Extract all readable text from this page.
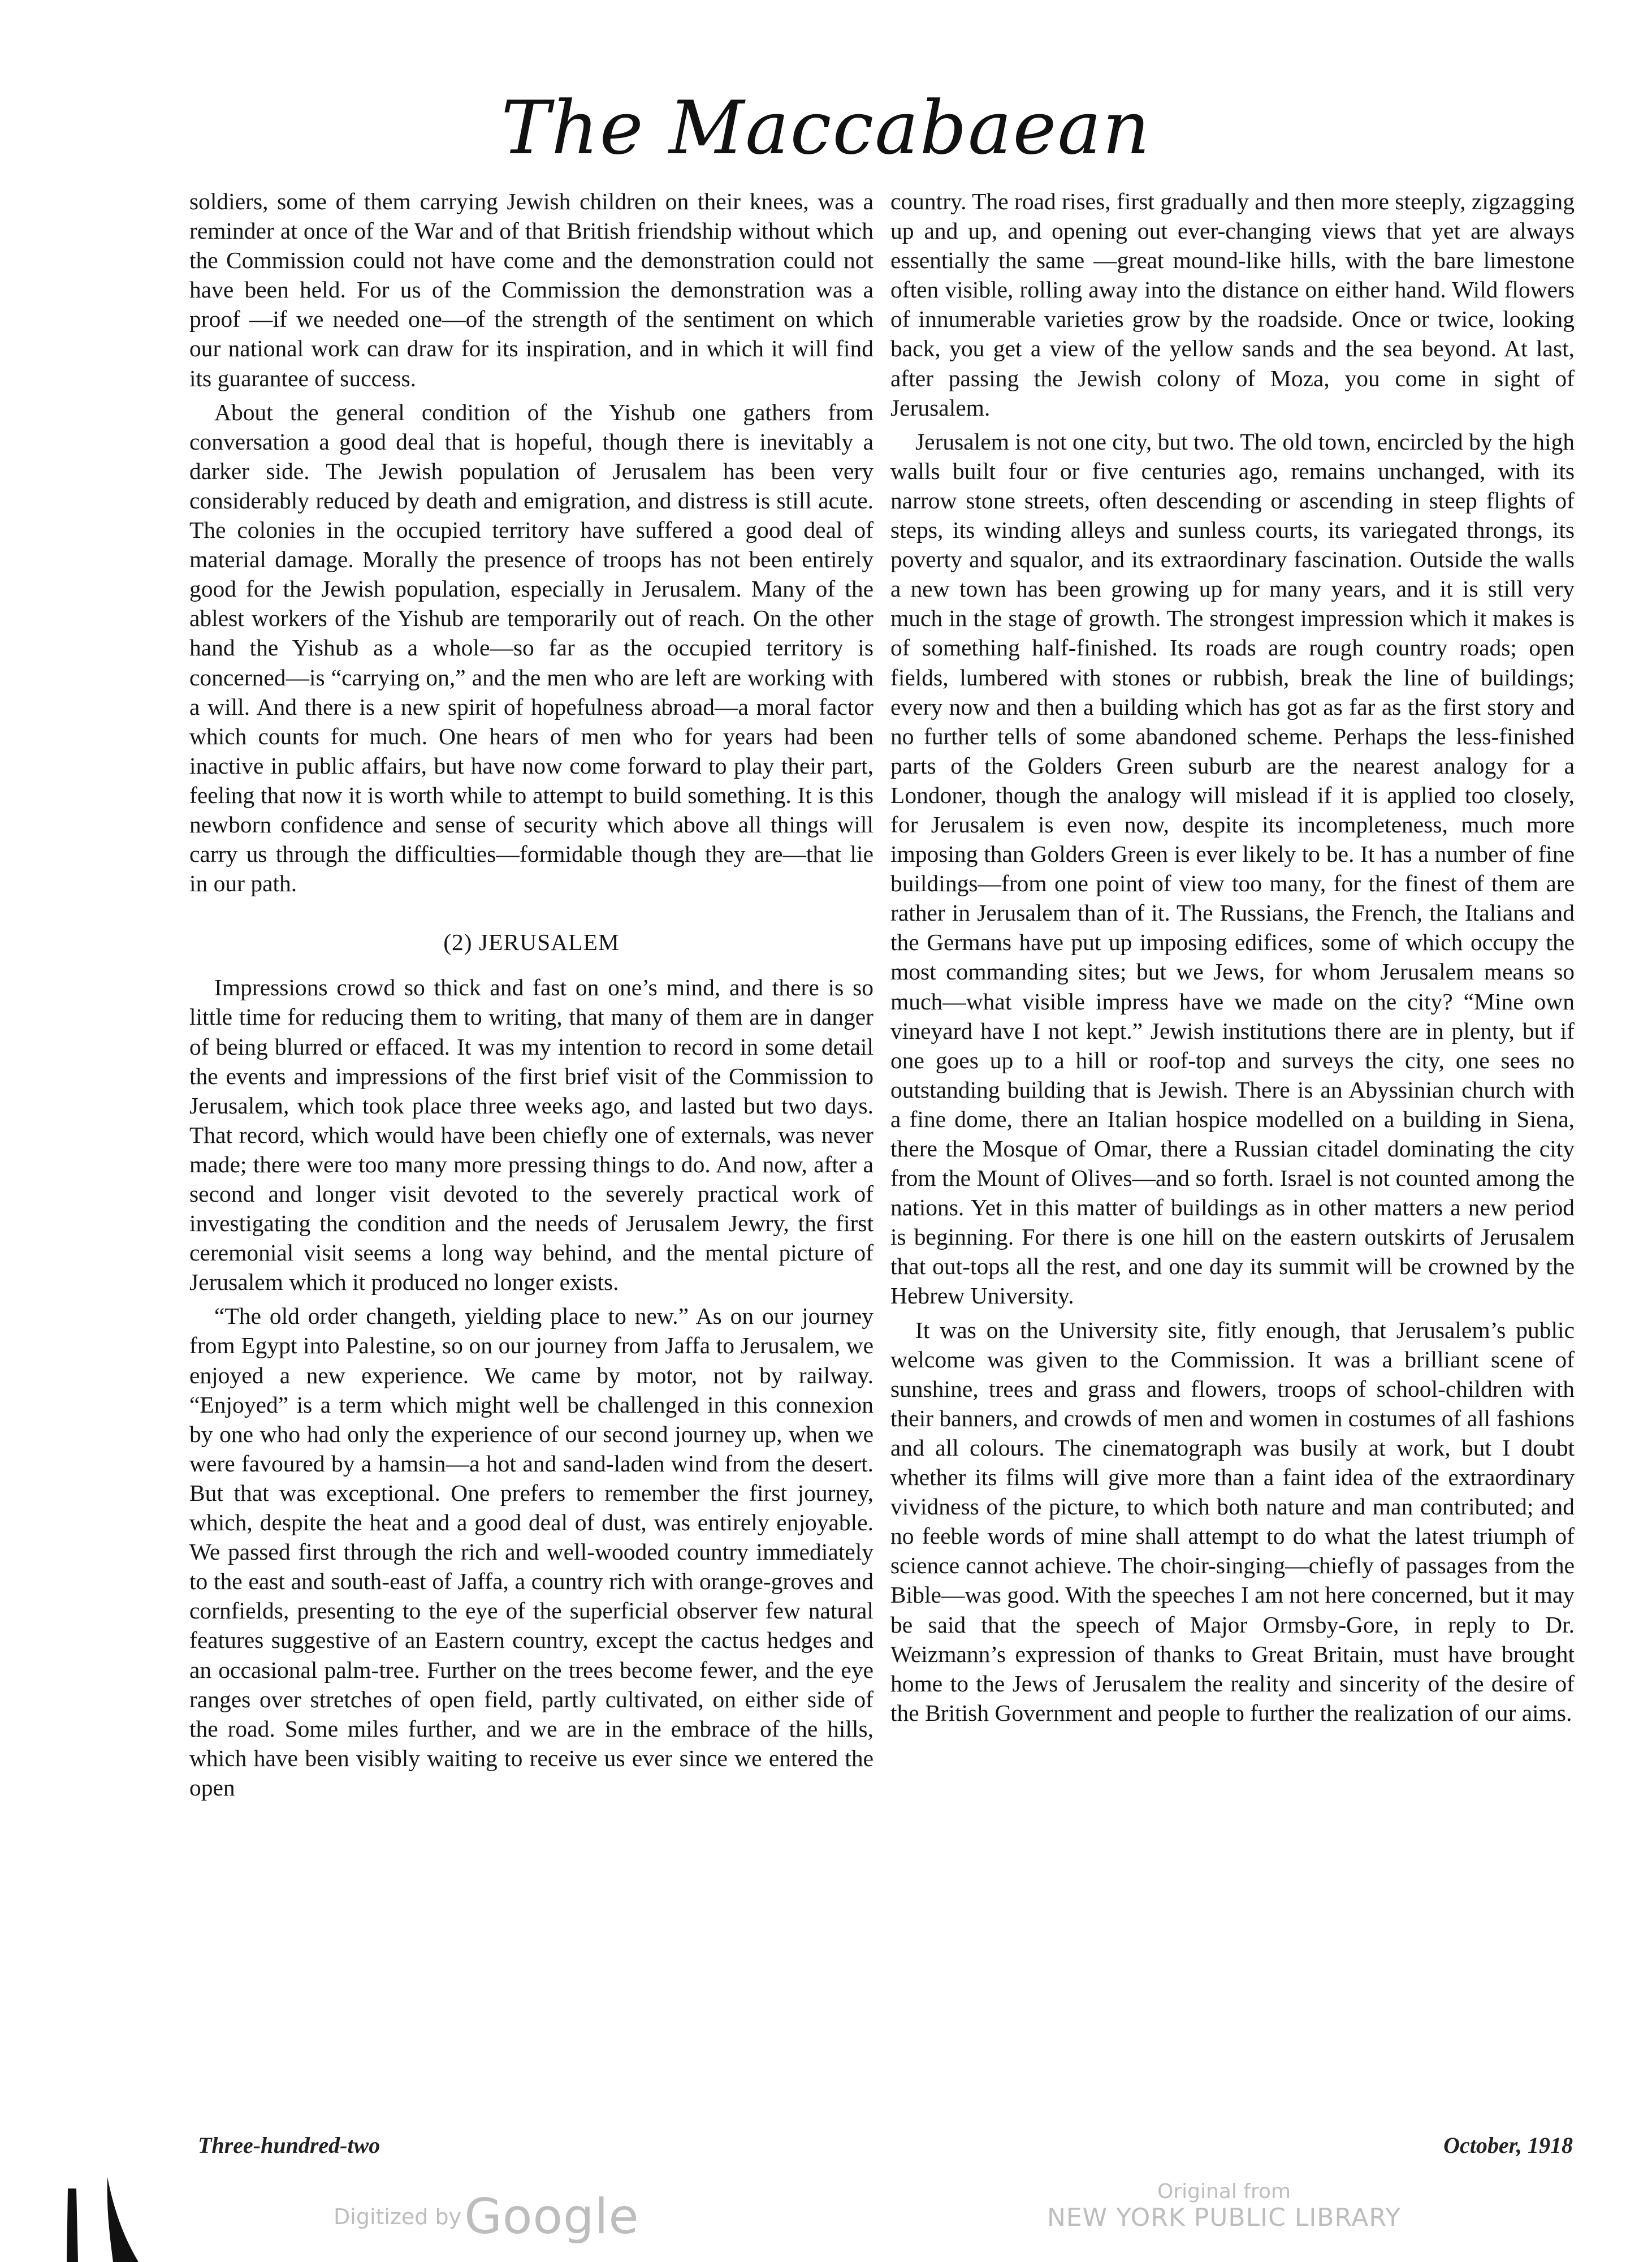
The Maccabaean

soldiers, some of them carrying Jewish children on their knees, was a reminder at once of the War and of that British friendship without which the Commission could not have come and the demonstration could not have been held. For us of the Commission the demonstration was a proof —if we needed one—of the strength of the sentiment on which our national work can draw for its inspiration, and in which it will find its guarantee of success.

About the general condition of the Yishub one gathers from conversation a good deal that is hopeful, though there is inevitably a darker side. The Jewish population of Jerusalem has been very considerably reduced by death and emigration, and distress is still acute. The colonies in the occupied territory have suffered a good deal of material damage. Morally the presence of troops has not been entirely good for the Jewish population, especially in Jerusalem. Many of the ablest workers of the Yishub are temporarily out of reach. On the other hand the Yishub as a whole—so far as the occupied territory is concerned—is “carrying on,” and the men who are left are working with a will. And there is a new spirit of hopefulness abroad—a moral factor which counts for much. One hears of men who for years had been inactive in public affairs, but have now come forward to play their part, feeling that now it is worth while to attempt to build something. It is this newborn confidence and sense of security which above all things will carry us through the difficulties—formidable though they are—that lie in our path.

(2) JERUSALEM

Impressions crowd so thick and fast on one’s mind, and there is so little time for reducing them to writing, that many of them are in danger of being blurred or effaced. It was my intention to record in some detail the events and impressions of the first brief visit of the Commission to Jerusalem, which took place three weeks ago, and lasted but two days. That record, which would have been chiefly one of externals, was never made; there were too many more pressing things to do. And now, after a second and longer visit devoted to the severely practical work of investigating the condition and the needs of Jerusalem Jewry, the first ceremonial visit seems a long way behind, and the mental picture of Jerusalem which it produced no longer exists.

“The old order changeth, yielding place to new.” As on our journey from Egypt into Palestine, so on our journey from Jaffa to Jerusalem, we enjoyed a new experience. We came by motor, not by railway. “Enjoyed” is a term which might well be challenged in this connexion by one who had only the experience of our second journey up, when we were favoured by a hamsin—a hot and sand-laden wind from the desert. But that was exceptional. One prefers to remember the first journey, which, despite the heat and a good deal of dust, was entirely enjoyable. We passed first through the rich and well-wooded country immediately to the east and south-east of Jaffa, a country rich with orange-groves and cornfields, presenting to the eye of the superficial observer few natural features suggestive of an Eastern country, except the cactus hedges and an occasional palm-tree. Further on the trees become fewer, and the eye ranges over stretches of open field, partly cultivated, on either side of the road. Some miles further, and we are in the embrace of the hills, which have been visibly waiting to receive us ever since we entered the open

country. The road rises, first gradually and then more steeply, zigzagging up and up, and opening out ever-changing views that yet are always essentially the same —great mound-like hills, with the bare limestone often visible, rolling away into the distance on either hand. Wild flowers of innumerable varieties grow by the roadside. Once or twice, looking back, you get a view of the yellow sands and the sea beyond. At last, after passing the Jewish colony of Moza, you come in sight of Jerusalem.

Jerusalem is not one city, but two. The old town, encircled by the high walls built four or five centuries ago, remains unchanged, with its narrow stone streets, often descending or ascending in steep flights of steps, its winding alleys and sunless courts, its variegated throngs, its poverty and squalor, and its extraordinary fascination. Outside the walls a new town has been growing up for many years, and it is still very much in the stage of growth. The strongest impression which it makes is of something half-finished. Its roads are rough country roads; open fields, lumbered with stones or rubbish, break the line of buildings; every now and then a building which has got as far as the first story and no further tells of some abandoned scheme. Perhaps the less-finished parts of the Golders Green suburb are the nearest analogy for a Londoner, though the analogy will mislead if it is applied too closely, for Jerusalem is even now, despite its incompleteness, much more imposing than Golders Green is ever likely to be. It has a number of fine buildings—from one point of view too many, for the finest of them are rather in Jerusalem than of it. The Russians, the French, the Italians and the Germans have put up imposing edifices, some of which occupy the most commanding sites; but we Jews, for whom Jerusalem means so much—what visible impress have we made on the city? “Mine own vineyard have I not kept.” Jewish institutions there are in plenty, but if one goes up to a hill or roof-top and surveys the city, one sees no outstanding building that is Jewish. There is an Abyssinian church with a fine dome, there an Italian hospice modelled on a building in Siena, there the Mosque of Omar, there a Russian citadel dominating the city from the Mount of Olives—and so forth. Israel is not counted among the nations. Yet in this matter of buildings as in other matters a new period is beginning. For there is one hill on the eastern outskirts of Jerusalem that out-tops all the rest, and one day its summit will be crowned by the Hebrew University.

It was on the University site, fitly enough, that Jerusalem’s public welcome was given to the Commission. It was a brilliant scene of sunshine, trees and grass and flowers, troops of school-children with their banners, and crowds of men and women in costumes of all fashions and all colours. The cinematograph was busily at work, but I doubt whether its films will give more than a faint idea of the extraordinary vividness of the picture, to which both nature and man contributed; and no feeble words of mine shall attempt to do what the latest triumph of science cannot achieve. The choir-singing—chiefly of passages from the Bible—was good. With the speeches I am not here concerned, but it may be said that the speech of Major Ormsby-Gore, in reply to Dr. Weizmann’s expression of thanks to Great Britain, must have brought home to the Jews of Jerusalem the reality and sincerity of the desire of the British Government and people to further the realization of our aims.

Three-hundred-two	October, 1918
Digitized by Google	Original from
NEW YORK PUBLIC LIBRARY
